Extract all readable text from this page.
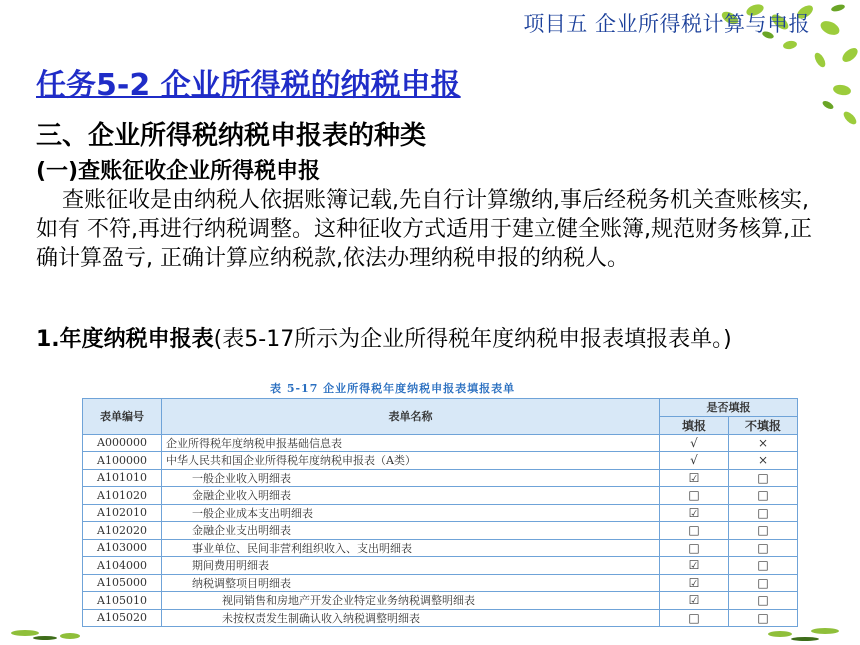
项目五 企业所得税计算与申报
任务5-2 企业所得税的纳税申报
三、企业所得税纳税申报表的种类
(一)查账征收企业所得税申报
查账征收是由纳税人依据账簿记载,先自行计算缴纳,事后经税务机关查账核实,如有 不符,再进行纳税调整。这种征收方式适用于建立健全账簿,规范财务核算,正确计算盈亏, 正确计算应纳税款,依法办理纳税申报的纳税人。
1.年度纳税申报表(表5-17所示为企业所得税年度纳税申报表填报表单。)
表 5-17 企业所得税年度纳税申报表填报表单
表单编号	表单名称	是否填报	
		填报	不填报
A000000	企业所得税年度纳税申报基础信息表	√	×
A100000	中华人民共和国企业所得税年度纳税申报表（A类）	√	×
A101010	一般企业收入明细表	☑	□
A101020	金融企业收入明细表	□	□
A102010	一般企业成本支出明细表	☑	□
A102020	金融企业支出明细表	□	□
A103000	事业单位、民间非营利组织收入、支出明细表	□	□
A104000	期间费用明细表	☑	□
A105000	纳税调整项目明细表	☑	□
A105010	视同销售和房地产开发企业特定业务纳税调整明细表	☑	□
A105020	未按权责发生制确认收入纳税调整明细表	□	□
